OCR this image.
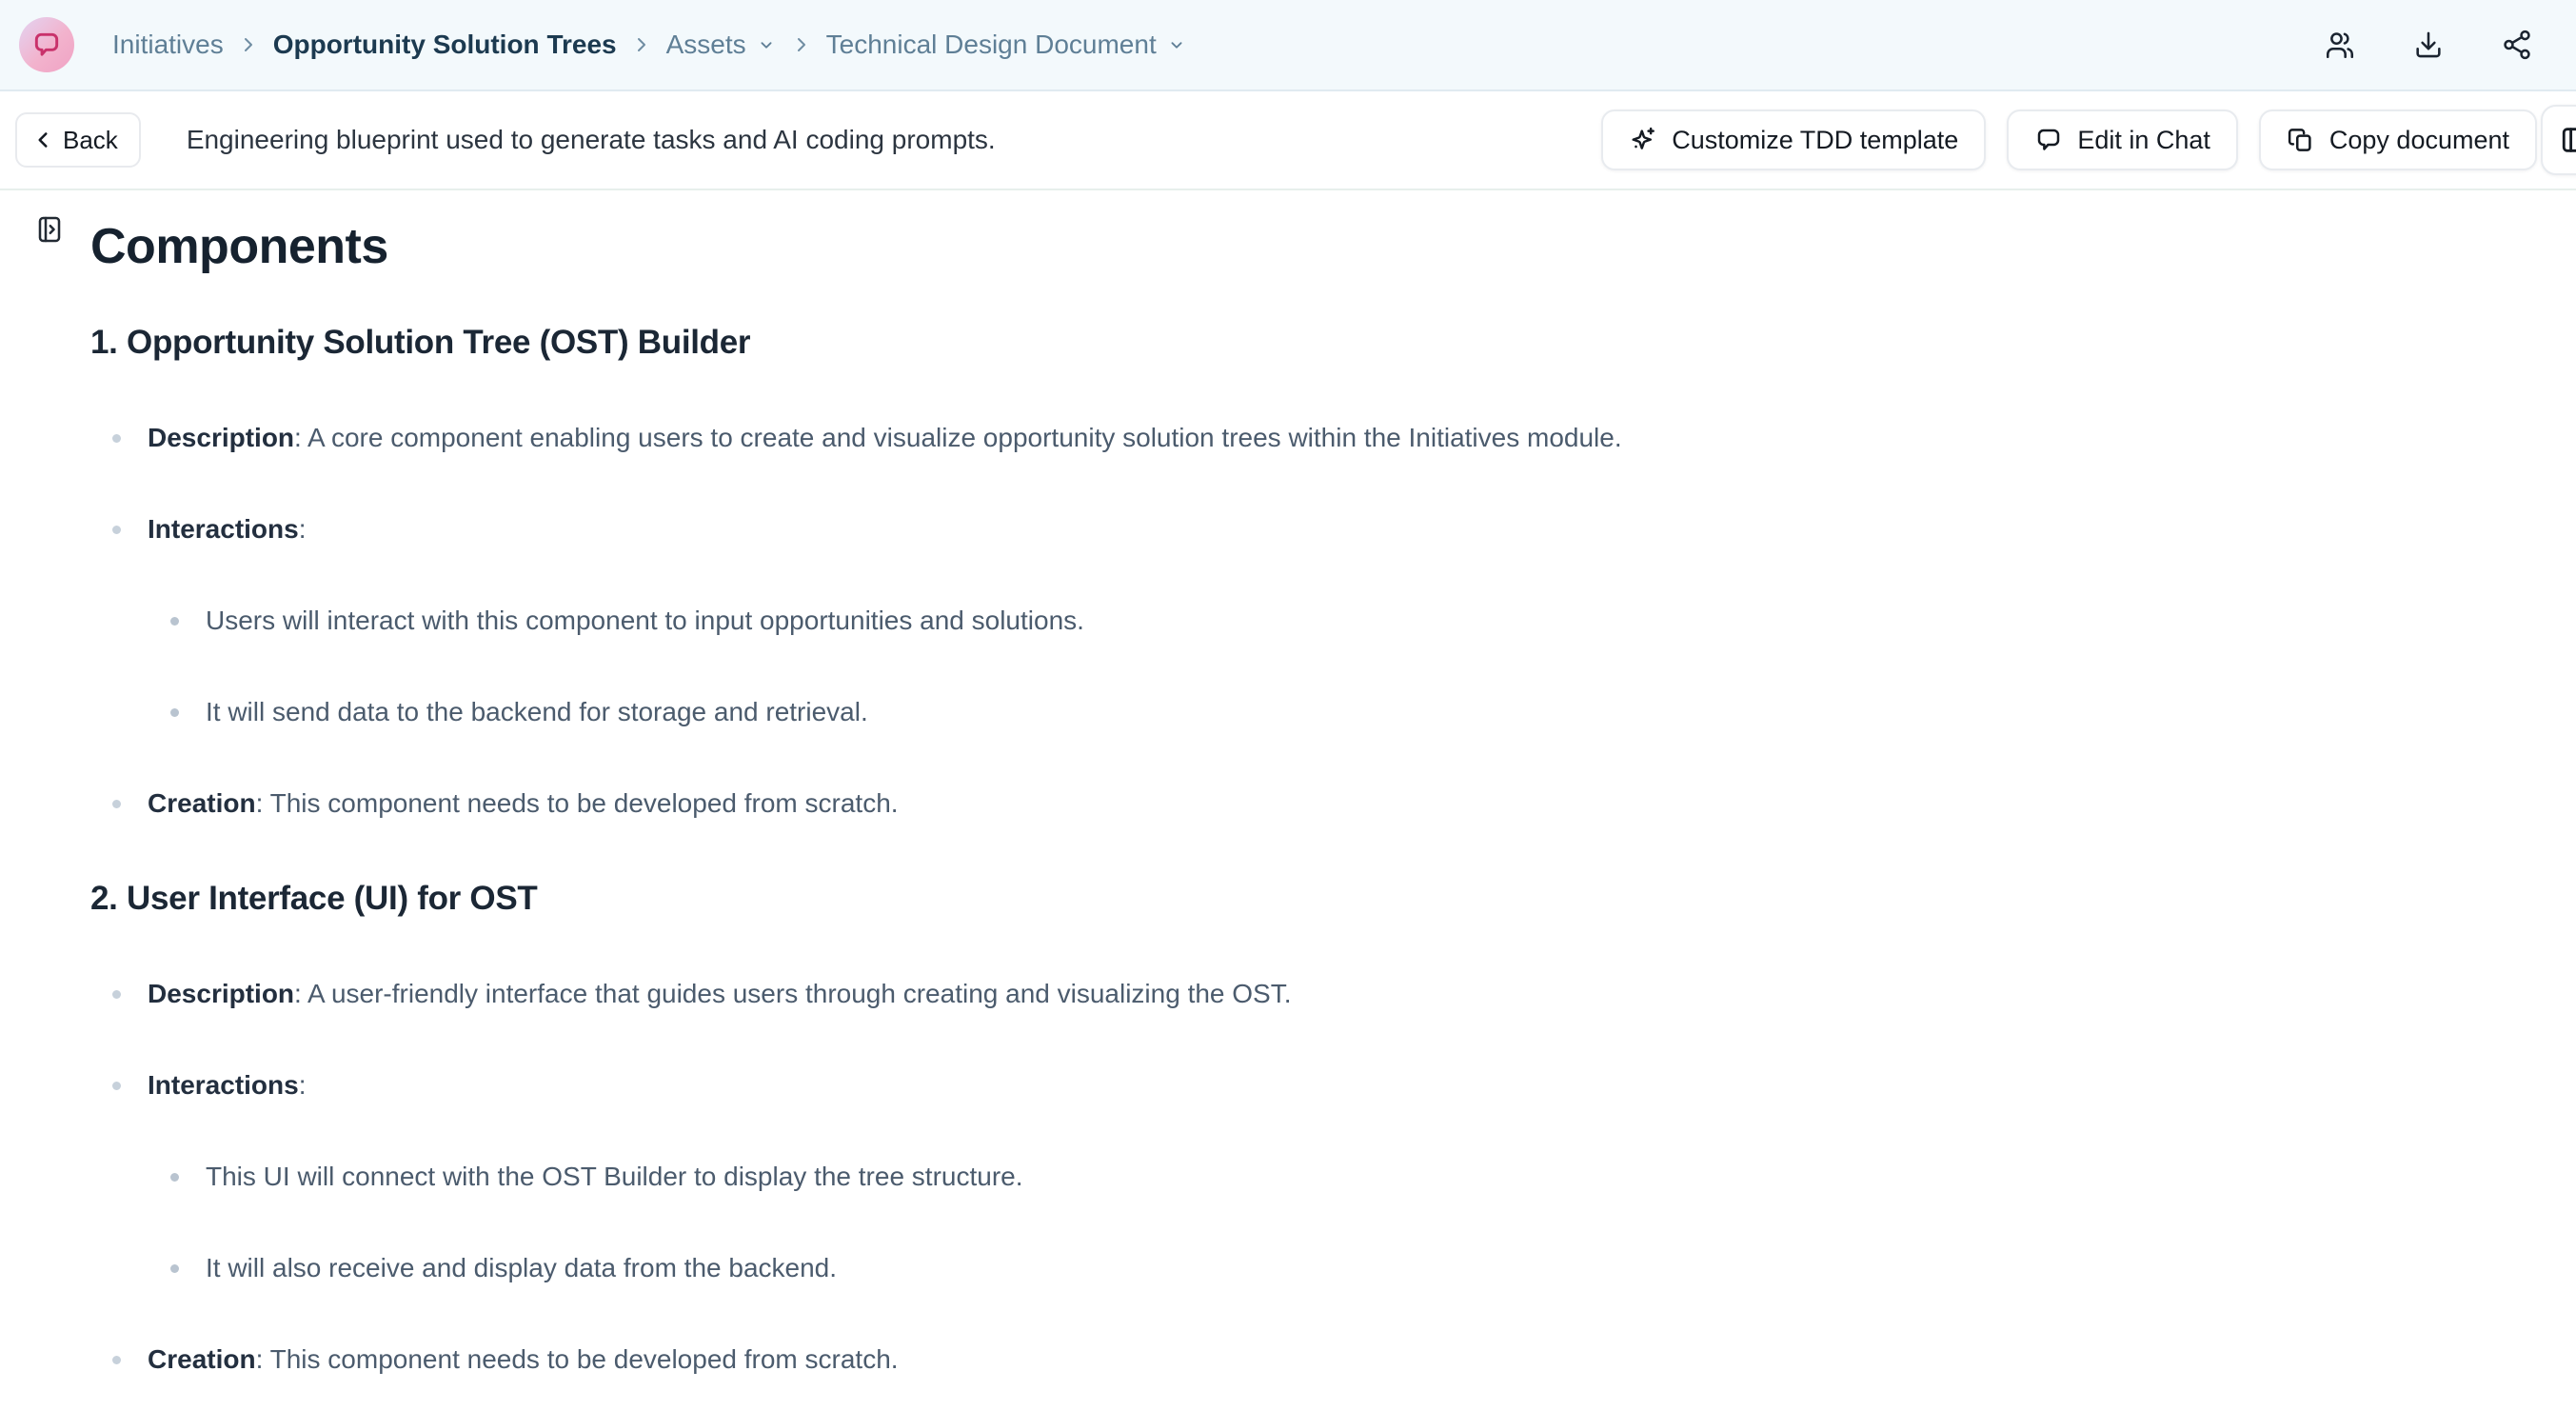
Initiatives Opportunity Solution Trees Assets	Technical Design Document
Back	Engineering blueprint used to generate tasks and AI coding prompts.	Customize TDD template	Edit in Chat	Copy document
Components
1. Opportunity Solution Tree (OST) Builder
Description: A core component enabling users to create and visualize opportunity solution trees within the Initiatives module.
Interactions:
Users will interact with this component to input opportunities and solutions.
It will send data to the backend for storage and retrieval.
Creation: This component needs to be developed from scratch.
2. User Interface (UI) for OST
Description: A user-friendly interface that guides users through creating and visualizing the OST.
Interactions:
This UI will connect with the OST Builder to display the tree structure.
It will also receive and display data from the backend.
Creation: This component needs to be developed from scratch.
